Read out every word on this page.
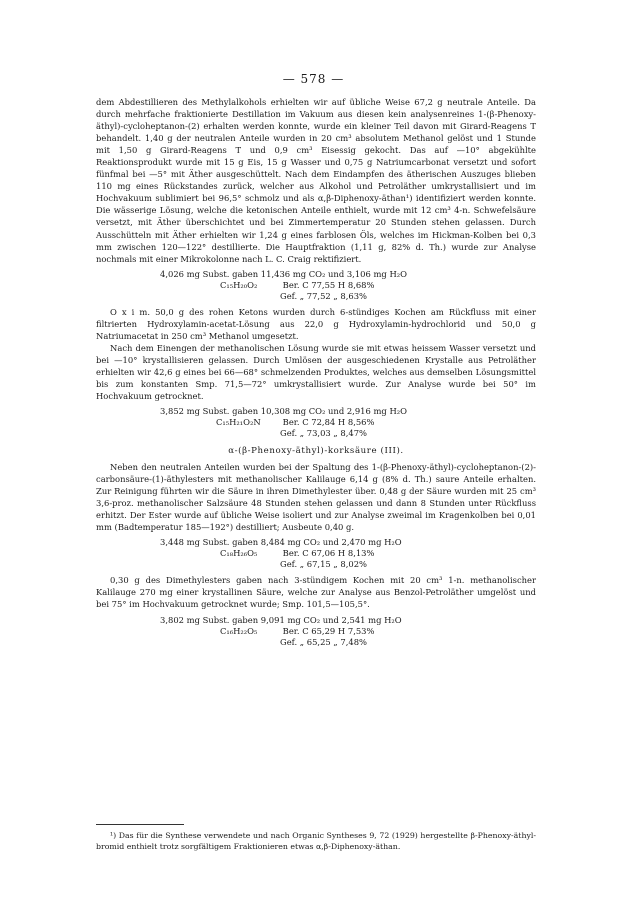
— 578 —

dem Abdestillieren des Methylalkohols erhielten wir auf übliche Weise 67,2 g neutrale Anteile. Da durch mehrfache fraktionierte Destillation im Vakuum aus diesen kein analysenreines 1-(β-Phenoxy-äthyl)-cycloheptanon-(2) erhalten werden konnte, wurde ein kleiner Teil davon mit Girard-Reagens T behandelt. 1,40 g der neutralen Anteile wurden in 20 cm³ absolutem Methanol gelöst und 1 Stunde mit 1,50 g Girard-Reagens T und 0,9 cm³ Eisessig gekocht. Das auf —10° abgekühlte Reaktionsprodukt wurde mit 15 g Eis, 15 g Wasser und 0,75 g Natriumcarbonat versetzt und sofort fünfmal bei —5° mit Äther ausgeschüttelt. Nach dem Eindampfen des ätherischen Auszuges blieben 110 mg eines Rückstandes zurück, welcher aus Alkohol und Petroläther umkrystallisiert und im Hochvakuum sublimiert bei 96,5° schmolz und als α,β-Diphenoxy-äthan¹) identifiziert werden konnte. Die wässerige Lösung, welche die ketonischen Anteile enthielt, wurde mit 12 cm³ 4-n. Schwefelsäure versetzt, mit Äther überschichtet und bei Zimmertemperatur 20 Stunden stehen gelassen. Durch Ausschütteln mit Äther erhielten wir 1,24 g eines farblosen Öls, welches im Hickman-Kolben bei 0,3 mm zwischen 120—122° destillierte. Die Hauptfraktion (1,11 g, 82% d. Th.) wurde zur Analyse nochmals mit einer Mikrokolonne nach L. C. Craig rektifiziert.

4,026 mg Subst. gaben 11,436 mg CO₂ und 3,106 mg H₂O
C₁₅H₂₀O₂	Ber. C 77,55 H 8,68%
Gef. „ 77,52 „ 8,63%

O x i m. 50,0 g des rohen Ketons wurden durch 6-stündiges Kochen am Rückfluss mit einer filtrierten Hydroxylamin-acetat-Lösung aus 22,0 g Hydroxylamin-hydrochlorid und 50,0 g Natriumacetat in 250 cm³ Methanol umgesetzt.

Nach dem Einengen der methanolischen Lösung wurde sie mit etwas heissem Wasser versetzt und bei —10° krystallisieren gelassen. Durch Umlösen der ausgeschiedenen Krystalle aus Petroläther erhielten wir 42,6 g eines bei 66—68° schmelzenden Produktes, welches aus demselben Lösungsmittel bis zum konstanten Smp. 71,5—72° umkrystallisiert wurde. Zur Analyse wurde bei 50° im Hochvakuum getrocknet.

3,852 mg Subst. gaben 10,308 mg CO₂ und 2,916 mg H₂O
C₁₅H₂₁O₂N	Ber. C 72,84 H 8,56%
Gef. „ 73,03 „ 8,47%
α-(β-Phenoxy-äthyl)-korksäure (III).

Neben den neutralen Anteilen wurden bei der Spaltung des 1-(β-Phenoxy-äthyl)-cycloheptanon-(2)-carbonsäure-(1)-äthylesters mit methanolischer Kalilauge 6,14 g (8% d. Th.) saure Anteile erhalten. Zur Reinigung führten wir die Säure in ihren Dimethylester über. 0,48 g der Säure wurden mit 25 cm³ 3,6-proz. methanolischer Salzsäure 48 Stunden stehen gelassen und dann 8 Stunden unter Rückfluss erhitzt. Der Ester wurde auf übliche Weise isoliert und zur Analyse zweimal im Kragenkolben bei 0,01 mm (Badtemperatur 185—192°) destilliert; Ausbeute 0,40 g.

3,448 mg Subst. gaben 8,484 mg CO₂ und 2,470 mg H₂O
C₁₈H₂₆O₅	Ber. C 67,06 H 8,13%
Gef. „ 67,15 „ 8,02%

0,30 g des Dimethylesters gaben nach 3-stündigem Kochen mit 20 cm³ 1-n. methanolischer Kalilauge 270 mg einer krystallinen Säure, welche zur Analyse aus Benzol-Petroläther umgelöst und bei 75° im Hochvakuum getrocknet wurde; Smp. 101,5—105,5°.

3,802 mg Subst. gaben 9,091 mg CO₂ und 2,541 mg H₂O
C₁₆H₂₂O₅	Ber. C 65,29 H 7,53%
Gef. „ 65,25 „ 7,48%

¹) Das für die Synthese verwendete und nach Organic Syntheses 9, 72 (1929) hergestellte β-Phenoxy-äthyl-bromid enthielt trotz sorgfältigem Fraktionieren etwas α,β-Diphenoxy-äthan.
